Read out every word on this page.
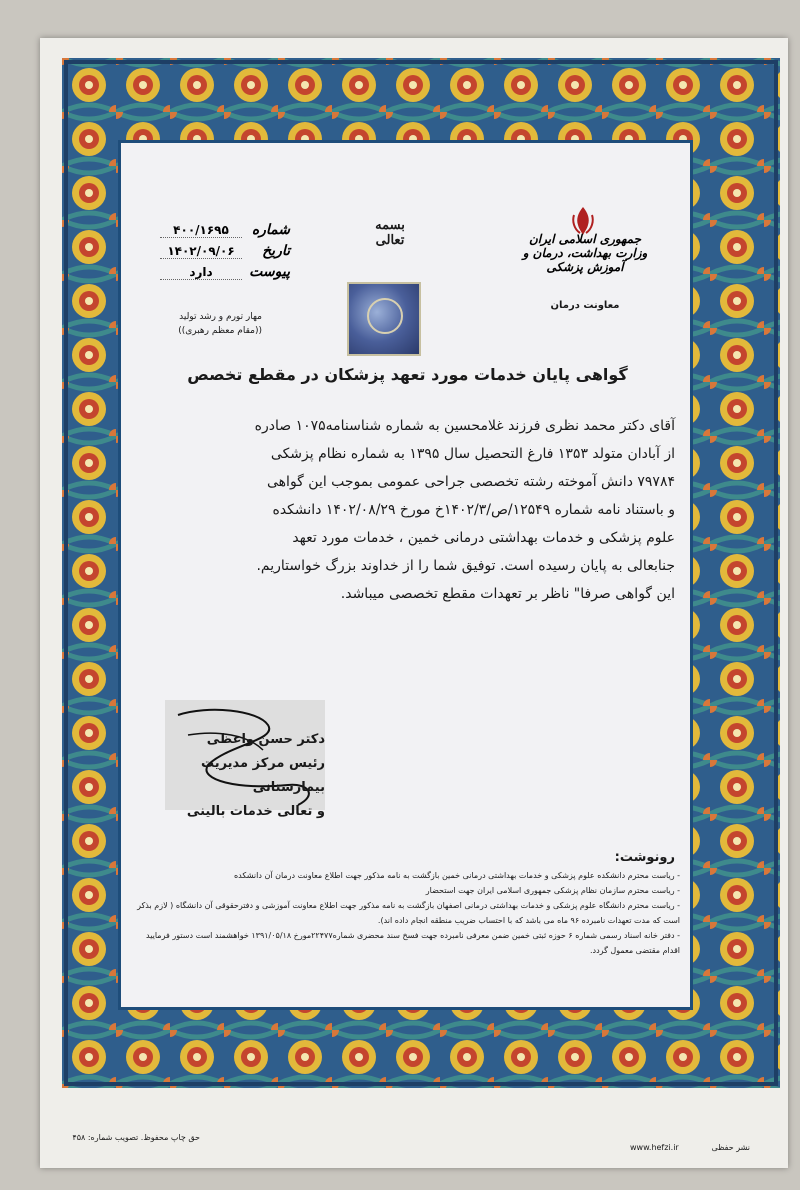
بسمه تعالی	جمهوری اسلامی ایران وزارت بهداشت، درمان و آموزش پزشکی
معاونت درمان
شماره
۴۰۰/۱۶۹۵
تاریخ
۱۴۰۲/۰۹/۰۶
پیوست
دارد
مهار تورم و رشد تولید
((مقام معظم رهبری))
گواهی پایان خدمات مورد تعهد پزشکان در مقطع تخصص
آقای دکتر محمد نظری فرزند غلامحسین به شماره شناسنامه۱۰۷۵ صادره
از آبادان متولد ۱۳۵۳ فارغ التحصیل سال ۱۳۹۵ به شماره نظام پزشکی
۷۹۷۸۴ دانش آموخته رشته تخصصی جراحی عمومی بموجب این گواهی
و باستناد نامه شماره ۱۲۵۴۹/ص/۱۴۰۲/۳خ مورخ ۱۴۰۲/۰۸/۲۹ دانشکده
علوم پزشکی و خدمات بهداشتی درمانی خمین ، خدمات مورد تعهد
جنابعالی به پایان رسیده است. توفیق شما را از خداوند بزرگ خواستاریم.
این گواهی صرفا" ناظر بر تعهدات مقطع تخصصی میباشد.
دکتر حسن واعظی
رئیس مرکز مدیریت بیمارستانی
و تعالی خدمات بالینی
رونوشت:

- ریاست محترم دانشکده علوم پزشکی و خدمات بهداشتی درمانی خمین بازگشت به نامه مذکور جهت اطلاع معاونت درمان آن دانشکده

- ریاست محترم سازمان نظام پزشکی جمهوری اسلامی ایران جهت استحضار

- ریاست محترم دانشگاه علوم پزشکی و خدمات بهداشتی درمانی اصفهان بازگشت به نامه مذکور جهت اطلاع معاونت آموزشی و دفترحقوقی آن دانشگاه ( لازم بذکر است که مدت تعهدات نامبرده ۹۶ ماه می باشد که با احتساب ضریب منطقه انجام داده اند).

- دفتر خانه اسناد رسمی شماره ۶ حوزه ثبتی خمین ضمن معرفی نامبرده جهت فسخ سند محضری شماره۲۲۴۷۷مورخ ۱۳۹۱/۰۵/۱۸ خواهشمند است دستور فرمایید اقدام مقتضی معمول گردد.

حق چاپ محفوظ. تصویب شماره: ۴۵۸
www.hefzi.ir	نشر حفظی
